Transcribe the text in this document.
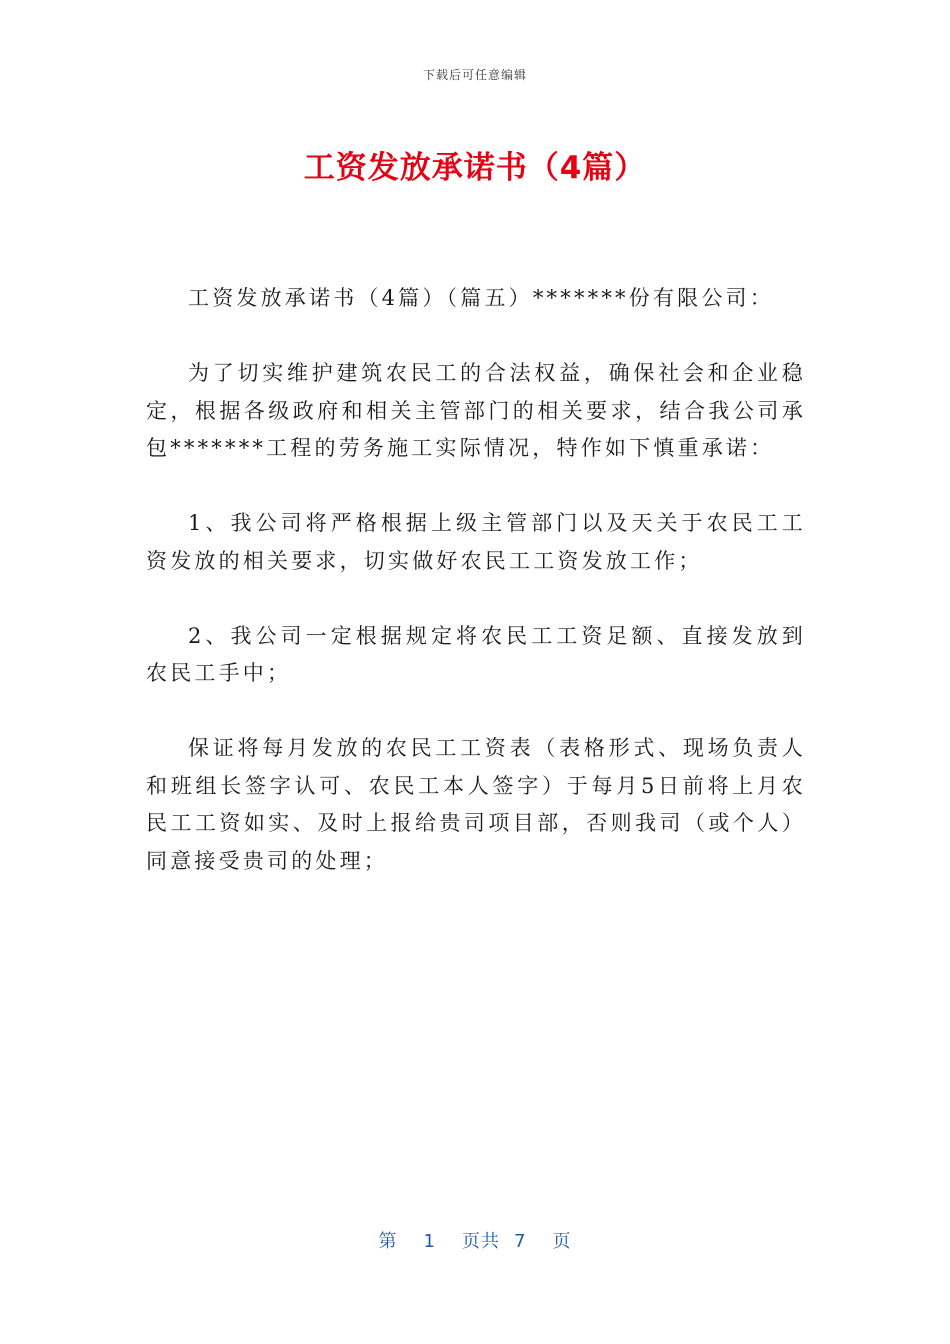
下载后可任意编辑
工资发放承诺书（4篇）

工资发放承诺书（4篇）（篇五）*******份有限公司：

为了切实维护建筑农民工的合法权益，确保社会和企业稳定，根据各级政府和相关主管部门的相关要求，结合我公司承包*******工程的劳务施工实际情况，特作如下慎重承诺：

1、我公司将严格根据上级主管部门以及天关于农民工工资发放的相关要求，切实做好农民工工资发放工作；

2、我公司一定根据规定将农民工工资足额、直接发放到农民工手中；

保证将每月发放的农民工工资表（表格形式、现场负责人和班组长签字认可、农民工本人签字）于每月5日前将上月农民工工资如实、及时上报给贵司项目部，否则我司（或个人）同意接受贵司的处理；

第 1 页共 7 页
